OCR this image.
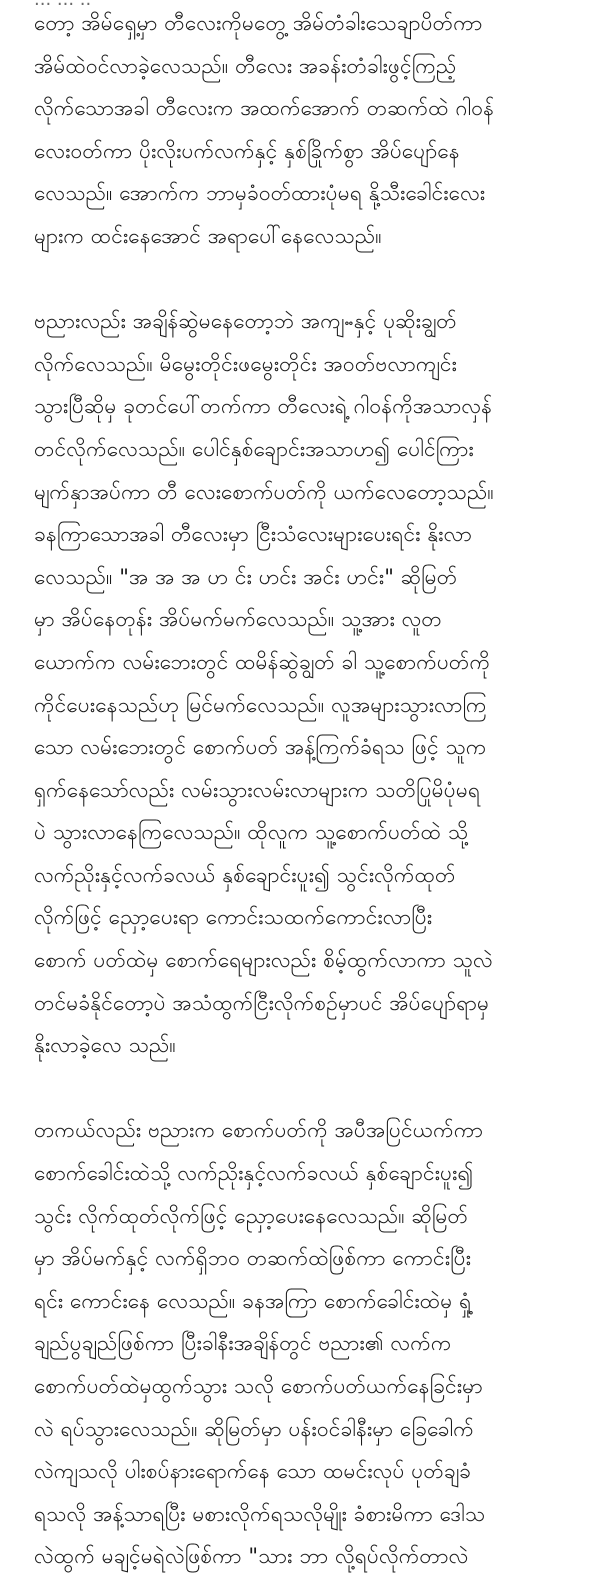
တော့ အိမ်ရှေ့မှာ တီလေးကိုမတွေ့ အိမ်တံခါးသေချာပိတ်ကာ
အိမ်ထဲဝင်လာခဲ့လေသည်။ တီလေး အခန်းတံခါးဖွင့်ကြည့်
လိုက်သောအခါ တီလေးက အထက်အောက် တဆက်ထဲ ဂါဝန်
လေးဝတ်ကာ ပိုးလိုးပက်လက်နှင့် နှစ်ခြိုက်စွာ အိပ်ပျော်နေ
လေသည်။ အောက်က ဘာမှခံဝတ်ထားပုံမရ နို့သီးခေါင်းလေး
များက ထင်းနေအောင် အရာပေါ်နေလေသည်။
ဗညားလည်း အချိန်ဆွဲမနေတော့ဘဲ အကျႌနှင့် ပုဆိုးချွတ်
လိုက်လေသည်။ မိမွေးတိုင်းဖမွေးတိုင်း အဝတ်ဗလာကျင်း
သွားပြီဆိုမှ ခုတင်ပေါ်တက်ကာ တီလေးရဲ့ ဂါဝန်ကိုအသာလှန်
တင်လိုက်လေသည်။ ပေါင်နှစ်ချောင်းအသာဟ၍ ပေါင်ကြား
မျက်နှာအပ်ကာ တီ လေးစောက်ပတ်ကို ယက်လေတော့သည်။
ခနကြာသောအခါ တီလေးမှာ ငြီးသံလေးများပေးရင်း နိုးလာ
လေသည်။ "အ အ အ ဟ င်း ဟင်း အင်း ဟင်း" ဆိုမြတ်
မှာ အိပ်နေတုန်း အိပ်မက်မက်လေသည်။ သူ့အား လူတ
ယောက်က လမ်းဘေးတွင် ထမိန်ဆွဲချွတ် ခါ သူ့စောက်ပတ်ကို
ကိုင်ပေးနေသည်ဟု မြင်မက်လေသည်။ လူအများသွားလာကြ
သော လမ်းဘေးတွင် စောက်ပတ် အန့်ကြက်ခံရသ ဖြင့် သူက
ရှက်နေသော်လည်း လမ်းသွားလမ်းလာများက သတိပြုမိပုံမရ
ပဲ သွားလာနေကြလေသည်။ ထိုလူက သူ့စောက်ပတ်ထဲ သို့
လက်ညိုးနှင့်လက်ခလယ် နှစ်ချောင်းပူး၍ သွင်းလိုက်ထုတ်
လိုက်ဖြင့် ညှော့ပေးရာ ကောင်းသထက်ကောင်းလာပြီး
စောက် ပတ်ထဲမှ စောက်ရေများလည်း စိမ့်ထွက်လာကာ သူလဲ
တင်မခံနိုင်တော့ပဲ အသံထွက်ငြီးလိုက်စဉ်မှာပင် အိပ်ပျော်ရာမှ
နိုးလာခဲ့လေ သည်။
တကယ်လည်း ဗညားက စောက်ပတ်ကို အပီအပြင်ယက်ကာ
စောက်ခေါင်းထဲသို့ လက်ညိုးနှင့်လက်ခလယ် နှစ်ချောင်းပူး၍
သွင်း လိုက်ထုတ်လိုက်ဖြင့် ညှော့ပေးနေလေသည်။ ဆိုမြတ်
မှာ အိပ်မက်နှင့် လက်ရှိဘဝ တဆက်ထဲဖြစ်ကာ ကောင်းပြီး
ရင်း ကောင်းနေ လေသည်။ ခနအကြာ စောက်ခေါင်းထဲမှ ရှုံ့
ချည်ပွချည်ဖြစ်ကာ ပြီးခါနီးအချိန်တွင် ဗညား၏ လက်က
စောက်ပတ်ထဲမှထွက်သွား သလို စောက်ပတ်ယက်နေခြင်းမှာ
လဲ ရပ်သွားလေသည်။ ဆိုမြတ်မှာ ပန်းဝင်ခါနီးမှာ ခြေခေါက်
လဲကျသလို ပါးစပ်နားရောက်နေ သော ထမင်းလုပ် ပုတ်ချခံ
ရသလို အန့်သာရပြီး မစားလိုက်ရသလိုမျိုး ခံစားမိကာ ဒေါသ
လဲထွက် မချင့်မရဲလဲဖြစ်ကာ "သား ဘာ လို့ရပ်လိုက်တာလဲ
